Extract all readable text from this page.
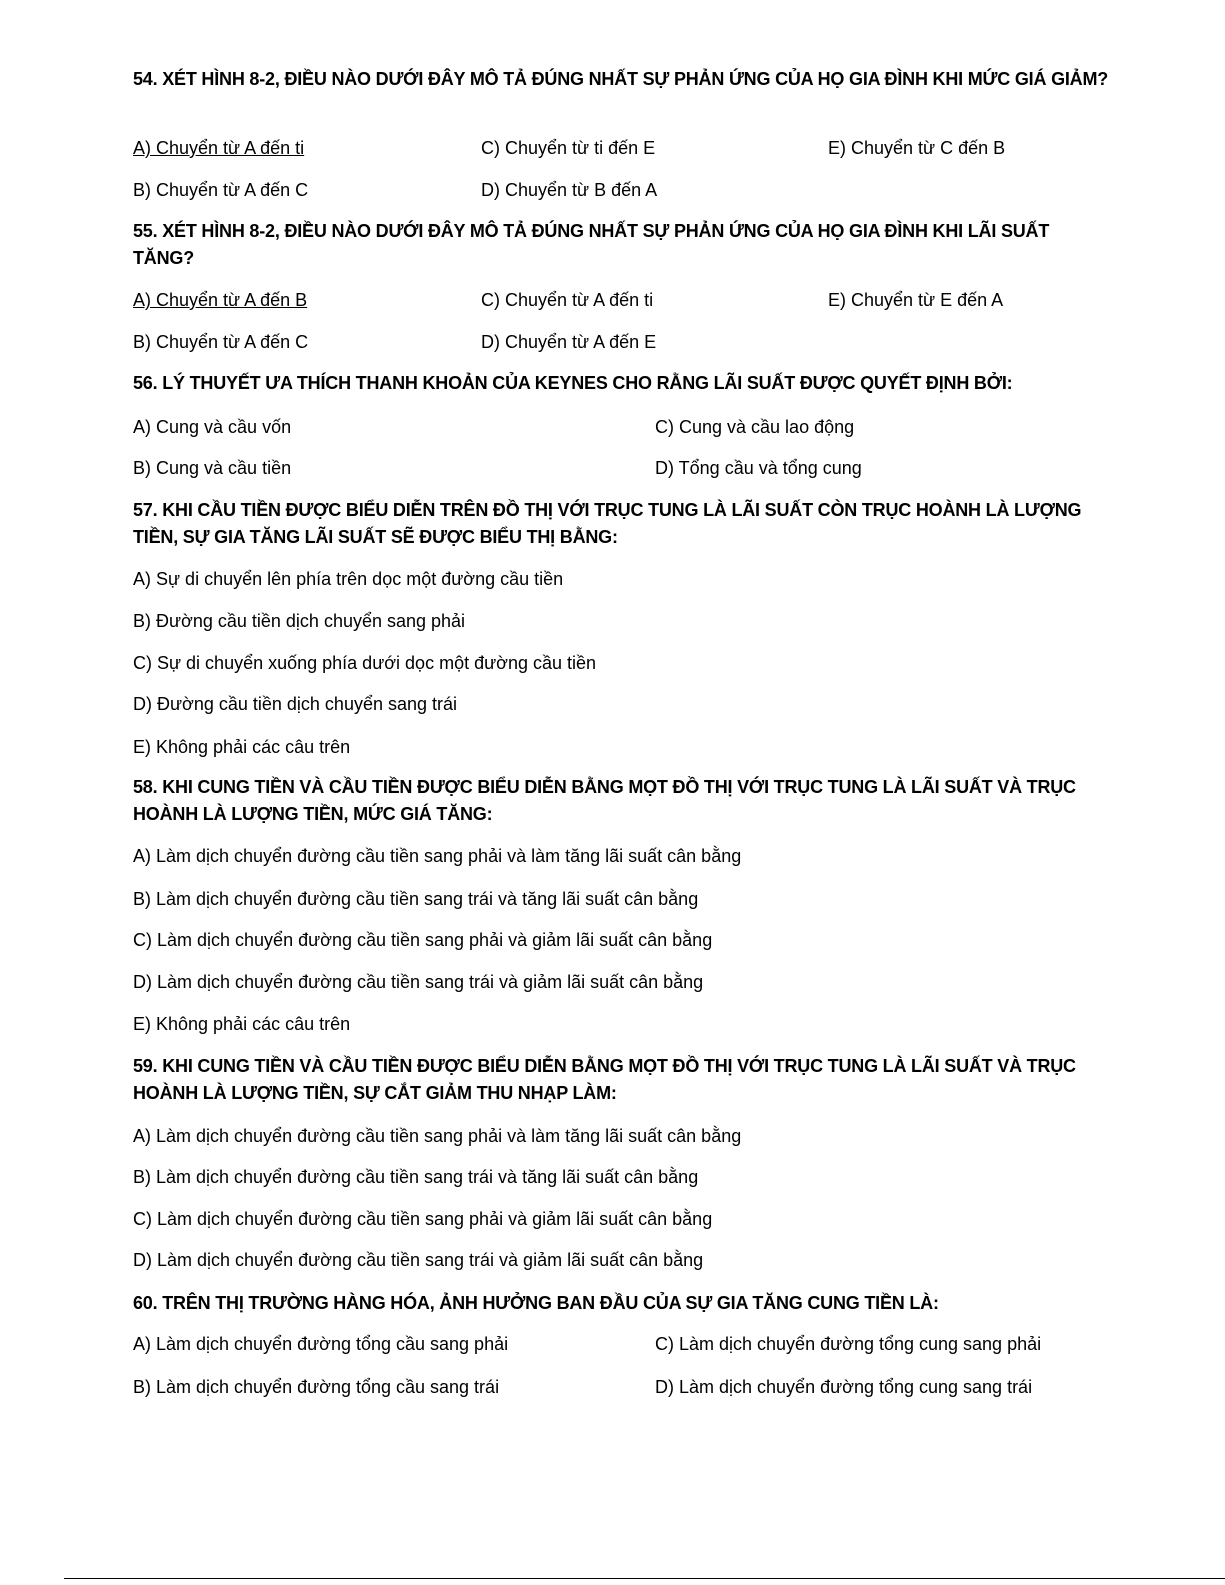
54. XÉT HÌNH 8-2, ĐIỀU NÀO DƯỚI ĐÂY MÔ TẢ ĐÚNG NHẤT SỰ PHẢN ỨNG CỦA HỌ GIA ĐÌNH KHI MỨC GIÁ GIẢM?
A) Chuyển từ A đến ti	C) Chuyển từ ti đến E	E) Chuyển từ C đến B
B) Chuyển từ A đến C	D) Chuyển từ B đến A
55. XÉT HÌNH 8-2, ĐIỀU NÀO DƯỚI ĐÂY MÔ TẢ ĐÚNG NHẤT SỰ PHẢN ỨNG CỦA HỌ GIA ĐÌNH KHI LÃI SUẤT TĂNG?
A) Chuyển từ A đến B	C) Chuyển từ A đến ti	E) Chuyển từ E đến A
B) Chuyển từ A đến C	D) Chuyển từ A đến E
56. LÝ THUYẾT ƯA THÍCH THANH KHOẢN CỦA KEYNES CHO RẰNG LÃI SUẤT ĐƯỢC QUYẾT ĐỊNH BỞI:
A) Cung và cầu vốn	C) Cung và cầu lao động
B) Cung và cầu tiền	D) Tổng cầu và tổng cung
57. KHI CẦU TIỀN ĐƯỢC BIỂU DIỄN TRÊN ĐỒ THỊ VỚI TRỤC TUNG LÀ LÃI SUẤT CÒN TRỤC HOÀNH LÀ LƯỢNG TIỀN, SỰ GIA TĂNG LÃI SUẤT SẼ ĐƯỢC BIỂU THỊ BẰNG:
A) Sự di chuyển lên phía trên dọc một đường cầu tiền
B) Đường cầu tiền dịch chuyển sang phải
C) Sự di chuyển xuống phía dưới dọc một đường cầu tiền
D) Đường cầu tiền dịch chuyển sang trái
E) Không phải các câu trên
58. KHI CUNG TIỀN VÀ CẦU TIỀN ĐƯỢC BIỂU DIỄN BẰNG MỌT ĐỒ THỊ VỚI TRỤC TUNG LÀ LÃI SUẤT VÀ TRỤC HOÀNH LÀ LƯỢNG TIỀN, MỨC GIÁ TĂNG:
A) Làm dịch chuyển đường cầu tiền sang phải và làm tăng lãi suất cân bằng
B) Làm dịch chuyển đường cầu tiền sang trái và tăng lãi suất cân bằng
C) Làm dịch chuyển đường cầu tiền sang phải và giảm lãi suất cân bằng
D) Làm dịch chuyển đường cầu tiền sang trái và giảm lãi suất cân bằng
E) Không phải các câu trên
59. KHI CUNG TIỀN VÀ CẦU TIỀN ĐƯỢC BIỂU DIỄN BẰNG MỌT ĐỒ THỊ VỚI TRỤC TUNG LÀ LÃI SUẤT VÀ TRỤC HOÀNH LÀ LƯỢNG TIỀN, SỰ CẮT GIẢM THU NHẠP LÀM:
A) Làm dịch chuyển đường cầu tiền sang phải và làm tăng lãi suất cân bằng
B) Làm dịch chuyển đường cầu tiền sang trái và tăng lãi suất cân bằng
C) Làm dịch chuyển đường cầu tiền sang phải và giảm lãi suất cân bằng
D) Làm dịch chuyển đường cầu tiền sang trái và giảm lãi suất cân bằng
60. TRÊN THỊ TRƯỜNG HÀNG HÓA, ẢNH HƯỞNG BAN ĐẦU CỦA SỰ GIA TĂNG CUNG TIỀN LÀ:
A) Làm dịch chuyển đường tổng cầu sang phải	C) Làm dịch chuyển đường tổng cung sang phải
B) Làm dịch chuyển đường tổng cầu sang trái	D) Làm dịch chuyển đường tổng cung sang trái
